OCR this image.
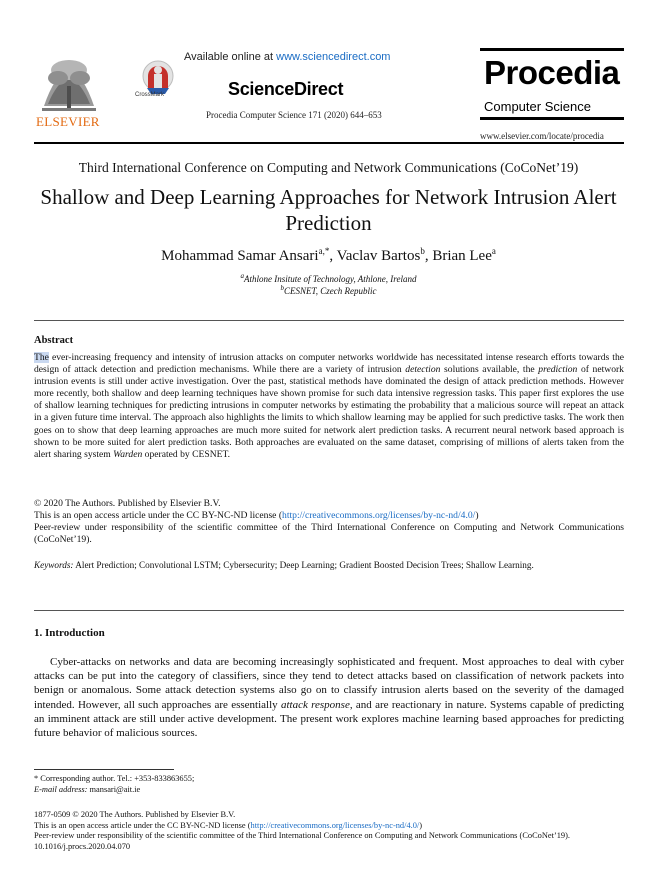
ELSEVIER
CrossMark
Available online at www.sciencedirect.com
ScienceDirect
Procedia Computer Science 171 (2020) 644–653
Procedia
Computer Science
www.elsevier.com/locate/procedia
Third International Conference on Computing and Network Communications (CoCoNet’19)
Shallow and Deep Learning Approaches for Network Intrusion Alert Prediction
Mohammad Samar Ansari$^{a,*}$, Vaclav Bartos$^b$, Brian Lee$^a$
$^a$Athlone Insitute of Technology, Athlone, Ireland
$^b$CESNET, Czech Republic
Abstract
The ever-increasing frequency and intensity of intrusion attacks on computer networks worldwide has necessitated intense research efforts towards the design of attack detection and prediction mechanisms. While there are a variety of intrusion detection solutions available, the prediction of network intrusion events is still under active investigation. Over the past, statistical methods have dominated the design of attack prediction methods. However more recently, both shallow and deep learning techniques have shown promise for such data intensive regression tasks. This paper first explores the use of shallow learning techniques for predicting intrusions in computer networks by estimating the probability that a malicious source will repeat an attack in a given future time interval. The approach also highlights the limits to which shallow learning may be applied for such predictive tasks. The work then goes on to show that deep learning approaches are much more suited for network alert prediction tasks. A recurrent neural network based approach is shown to be more suited for alert prediction tasks. Both approaches are evaluated on the same dataset, comprising of millions of alerts taken from the alert sharing system Warden operated by CESNET.

© 2020 The Authors. Published by Elsevier B.V.

This is an open access article under the CC BY-NC-ND license (http://creativecommons.org/licenses/by-nc-nd/4.0/)

Peer-review under responsibility of the scientific committee of the Third International Conference on Computing and Network Communications (CoCoNet’19).

Keywords: Alert Prediction; Convolutional LSTM; Cybersecurity; Deep Learning; Gradient Boosted Decision Trees; Shallow Learning.
1. Introduction
Cyber-attacks on networks and data are becoming increasingly sophisticated and frequent. Most approaches to deal with cyber attacks can be put into the category of classifiers, since they tend to detect attacks based on classification of network packets into benign or anomalous. Some attack detection systems also go on to classify intrusion alerts based on the severity of the damaged intended. However, all such approaches are essentially attack response, and are reactionary in nature. Systems capable of predicting an imminent attack are still under active development. The present work explores machine learning based approaches for predicting future behavior of malicious sources.
* Corresponding author. Tel.: +353-833863655;
E-mail address: mansari@ait.ie

1877-0509 © 2020 The Authors. Published by Elsevier B.V.

This is an open access article under the CC BY-NC-ND license (http://creativecommons.org/licenses/by-nc-nd/4.0/)

Peer-review under responsibility of the scientific committee of the Third International Conference on Computing and Network Communications (CoCoNet’19).

10.1016/j.procs.2020.04.070
